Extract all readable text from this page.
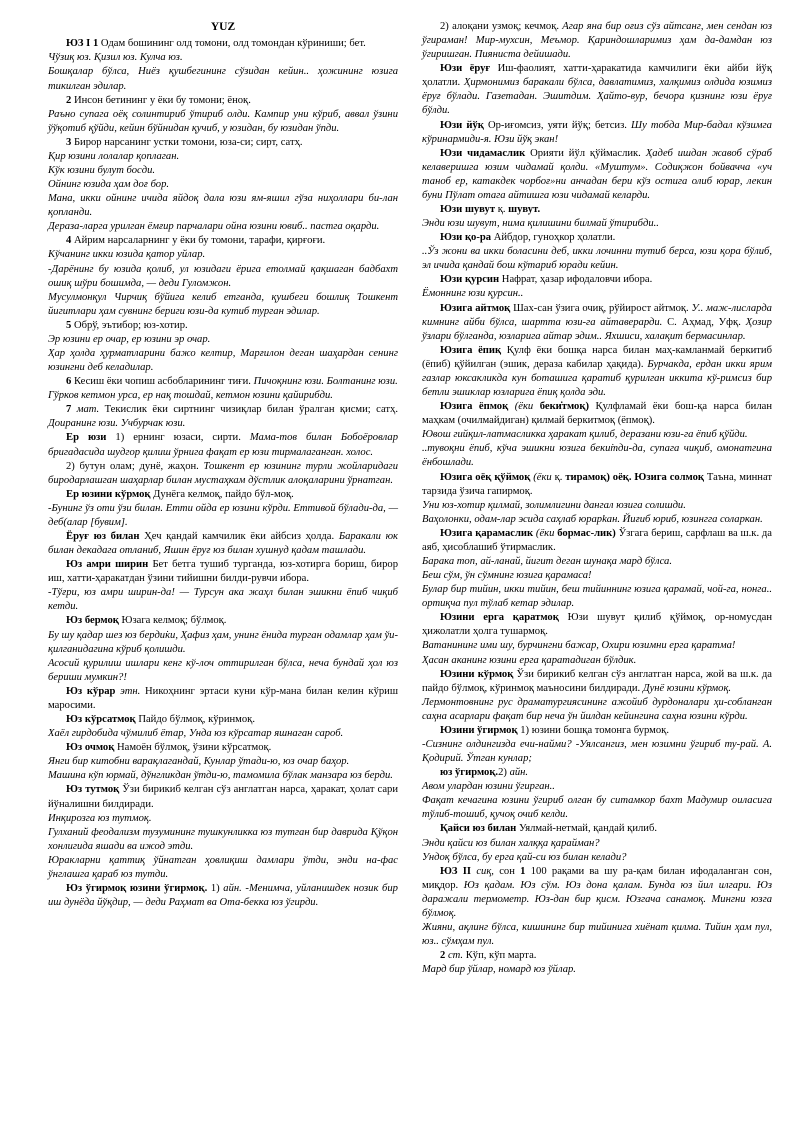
YUZ

ЮЗ I 1 Одам бошининг олд томони, олд томондан кўриниши; бет.

Чўзиқ юз. Қизил юз. Кулча юз.

Бошқалар бўлса, Ниёз қушбегининг сўзидан кейин.. ҳожининг юзига тикилган эдилар.

2 Инсон бетининг у ёки бу томони; ёноқ.

Раъно супага оёқ солинтириб ўтириб олди. Кампир уни кўриб, аввал ўзини ўўқотиб қўйди, кейин бўйнидан қучиб, у юзидан, бу юзидан ўпди.

3 Бирор нарсанинг устки томони, юза-си; сирт, сатҳ.

Қир юзини лолалар қоплаган.

Кўк юзини булут босди.

Ойнинг юзида ҳам доғ бор.

Мана, икки ойнинг ичида яйдоқ дала юзи ям-яшил гўза ниҳоллари би-лан қопланди.

Дераза-ларга урилган ёмғир парчалари ойна юзини ювиб.. пастга оқарди.

4 Айрим нарсаларнинг у ёки бу томони, тарафи, қирғоғи.

Кўчанинг икки юзида қатор уйлар.

-Дарёнинг бу юзида қолиб, ул юзидаги ёрига етолмай қақшаган бадбахт ошиқ шўри бошимда, — деди Гуломжон.

Мусулмонқул Чирчиқ бўйига келиб етганда, қушбеги бошлиқ Тошкент йигитлари ҳам сувнинг бериги юзи-да кутиб турган эдилар.

5 Обрў, эътибор; юз-хотир.

Эр юзини ер очар, ер юзини эр очар.

Ҳар ҳолда ҳурматларини бажо келтир, Марғилон деган шаҳардан сенинг юзингни деб келадилар.

6 Кесиш ёки чопиш асбобларининг тиғи. Пичоқнинг юзи. Болтанинг юзи.

Гўрков кетмон урса, ер нақ тошдай, кетмон юзини қайирибди.

7 мат. Текислик ёки сиртнинг чизиқлар билан ўралган қисми; сатҳ. Доиранинг юзи. Учбурчак юзи.

Ер юзи 1) ернинг юзаси, сирти. Мама-тов билан Бобоёровлар бригадасида шудгор қилиш ўрнига фақат ер юзи тирмалаганган. холос.

2) бутун олам; дунё, жаҳон. Тошкент ер юзининг турли жойларидаги биродарлашган шаҳарлар билан мустаҳкам дўстлик алоқаларини ўрнатган.

Ер юзини кўрмоқ Дунёга келмоқ, пайдо бўл-моқ.

-Бунинг ўз оти ўзи билан. Етти ойда ер юзини кўрди. Еттивой бўлади-да, — деб(алар [бувим].

Ёруғ юз билан Ҳеч қандай камчилик ёки айбсиз ҳолда. Баракали юк билан декадага отланиб, Яшин ёруғ юз билан хушнуд қадам ташлади.

Юз амри ширин Бет бетга тушиб турганда, юз-хотирга бориш, бирор иш, хатти-ҳаракатдан ўзини тийишни билди-рувчи ибора.

-Тўғри, юз амри ширин-да! — Турсун ака жаҳл билан эшикни ёпиб чиқиб кетди.

Юз бермоқ Юзага келмоқ; бўлмоқ.

Бу шу қадар шез юз берди̇ки, Ҳафиз ҳам, унинг ёнида турган одамлар ҳам ўи-қилганидагина кўриб қолишди.

Асосий қурилиш ишлари кенг кў-лоч оттирилган бўлса, неча бундай ҳол юз бериши мумкин?!

Юз кўрар этн. Никоҳнинг эртаси куни кўр-мана билан келин кўриш маросими.

Юз кўрсатмоқ Пайдо бўлмоқ, кўринмоқ.

Хаёл гирдобида чўмилиб ётар, Унда юз кўрсатар яшнаган сароб.

Юз очмоқ Намоён бўлмоқ, ўзини кўрсатмоқ.

Янги бир китобни варақлагандай, Кунлар ўтади-ю, юз очар баҳор.

Машина кўп юрмай, дўнгликдан ўтди-ю, тамомила бўлак манзара юз берди.

Юз тутмоқ Ўзи бирикиб келган сўз англатган нарса, ҳаракат, ҳолат сари йўналишни билдиради.

Инқирозга юз тутмоқ.

Гулхани̇й феодализм тузумининг тушкунликка юз тутган бир даврида Қўқон хонлигида яшади ва ижод этди.

Юракларни қаттиқ ўйнатган ҳовлиқиш дамлари ўтди, энди на-фас ўнглашга қараб юз тутди.

Юз ўгирмоқ юзини ўгирмоқ. 1) айн. -Менимча, уйланишдек нозик бир иш дунёда йўқдир, — деди Раҳмат ва Ота-бекка юз ўгирди.

2) алоқани узмоқ; кечмоқ. Агар яна бир оғиз сўз айтсанг, мен сендан юз ўгираман! Мир-мухсин, Меъмор. Қариндошларимиз ҳам да-дамдан юз ўгиришган. Пиянистa дейишади.

Юзи ёруғ Иш-фаолият, хатти-ҳаракатида камчилиги ёки айби йўқ ҳолатли. Ҳирмонимиз баракали бўлса, давлатимиз, халқимиз олдида юзимиз ёруғ бўлади. Газетадан. Эшитдим. Ҳайто-вур, бечора қизнинг юзи ёруғ бўлди.

Юзи йўқ Ор-иғомсиз, уяти йўқ; бетсиз. Шу тобда Мир-бадал кўзимга кўринармиди-я. Юзи йўқ экан!

Юзи чидамаслик Орияти йўл қўймаслик. Ҳадеб ишдан жавоб сўраб келаверишга юзим чидамай қолди. «Муштум». Содиқжон бойвачча «уч таноб ер, катакдек чорбоғ»ни анчадан бери кўз остига олиб юрар, лекин буни Пўлат отага айтишга юзи чидамай келарди.

Юзи шувут қ. шувут.

Энди юзи шувут, нима қилишини билмай ўтирибди..

Юзи қо-ра Айбдор, гуноҳкор ҳолатли.

..Ўз жони ва икки боласини деб, икки лочинни тутиб берса, юзи қора бўлиб, эл ичида қандай бош кўтариб юради кейин.

Юзи қурсин Нафрат, ҳазар ифодаловчи ибора.

Ёмоннинг юзи қурсин..

Юзига айтмоқ Шах-сан ўзига очиқ, рўйирост айтмоқ. У.. маж-лисларда кимнинг айби бўлса, шартта юзи-га айтаверарди. С. Аҳмад, Уфқ. Ҳозир ўзлари бўлганда, юзларига айтар эдим.. Яхшиси, халақит бермасинлар.

Юзига ёпиқ Қулф ёки бошқа нарса билан маҳ-камланмай беркитиб (ёпиб) қўйилган (эшик, дераза кабилар ҳақида). Бурчакда, ердан икки ярим газлар юксакликда кун боташига қаратиб қурилган иккита кў-римсиз бир бетли эшиклар юзларига ёпиқ қолда эди.

Юзига ёпмоқ (ёки беки̇тмоқ) Қулфламай ёки бош-қа нарса билан маҳкам (очилмайдиган) қилмай беркитмоқ (ёпмоқ).

Ювош гийқил-латмасликка ҳаракат қилиб, деразани юзи-га ёпиб қўйди.

..тувоқни ёпиб, кўча эшикни юзига беки̇тди-да, супага чиқиб, омонатгина ёнбошлади.

Юзига оёқ қўймоқ (ёки қ. тирамоқ) оёқ. Юзига солмоқ Таъна, миннат тарзида ўзича гапирмоқ.

Уни юз-хотир қилмай, золимлигини дангал юзига солишди.

Ваҳолонки, одам-лар эсида саҳлаб юрарkан. Йиғиб юриб, юзингга соларкан.

Юзига қарамаслик (ёки бормас-лик) Ўзгага бериш, сарфлаш ва ш.к. да аяб, ҳисоблашиб ўтирмаслик.

Барака топ, ай-ланай, йигит деган шунақа мард бўлса.

Беш сўм, ўн сўмнинг юзига қарамаса!

Булар бир тийин, икки тийин, беш тийиннинг юзига қарамай, чой-га, нонга.. ортиқча пул тўлаб кетар эдилар.

Юзини ерга қаратмоқ Юзи шувут қилиб қўймоқ, ор-номусдан ҳижолатли ҳолга тушармоқ.

Ватанининг ими шу, бурчингни бажар, Охири юзимни ерга қаратма!

Ҳасан аканинг юзини ерга қаратадиган бўлдик.

Юзини кўрмоқ Ўзи бирикиб келган сўз англатган нарса, жой ва ш.к. да пайдо бўлмоқ, кўринмоқ маъносини билдиради. Дунё юзини кўрмоқ.

Лермонтовнинг рус драматургиясининг ажойиб дурдоналари ҳи-собланган саҳна асарлари фақат бир неча ўн йилдан кейингина саҳна юзини кўрди.

Юзини ўгирмоқ 1) юзини бошқа томонга бурмоқ.

-Сизнинг олдингизда ечи-найми? -Уялсангиз, мен юзимни ўгириб ту-рай. А. Қодирий. Ўтган кунлар;

юз ўгирмоқ.2) айн.

Авом улардан юзини ўгирган..

Фақат кечагина юзини ўгириб олган бу ситамкор бахт Мадумир оиласига тўлиб-тошиб, қучоқ очиб келди.

Қайси юз билан Уялмай-нетмай, қандай қилиб.

Энди қайси юз билан халққа қарайман?

Ундоқ бўлса, бу ерга қай-си юз билан келади?

ЮЗ II сиқ, сон 1 100 рақами ва шу ра-қам билан ифодаланган сон, миқдор. Юз қадам. Юз сўм. Юз дона қалам. Бунда юз йил илгари. Юз даражали термометр. Юз-дан бир қисм. Юзгача санамоқ. Мингни юзга бўлмоқ.

Жияни, ақлинг бўлса, кишининг бир тийинига хиёнат қилма. Тийин ҳам пул, юз.. сўмҳам пул.

2 ст. Кўп, кўп марта.

Мард бир ўйлар, номард юз ўйлар.
